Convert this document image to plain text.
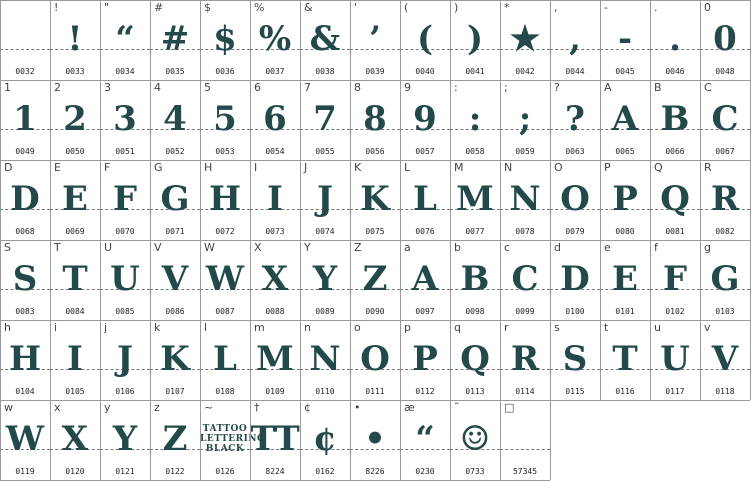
0032
!
!
0033
"
“
0034
#
#
0035
$
$
0036
%
%
0037
&
&
0038
'
’
0039
(
(
0040
)
)
0041
*
★
0042
,
,
0044
-
-
0045
.
.
0046
0
0
0048
1
1
0049
2
2
0050
3
3
0051
4
4
0052
5
5
0053
6
6
0054
7
7
0055
8
8
0056
9
9
0057
:
:
0058
;
;
0059
?
?
0063
A
A
0065
B
B
0066
C
C
0067
D
D
0068
E
E
0069
F
F
0070
G
G
0071
H
H
0072
I
I
0073
J
J
0074
K
K
0075
L
L
0076
M
M
0077
N
N
0078
O
O
0079
P
P
0080
Q
Q
0081
R
R
0082
S
S
0083
T
T
0084
U
U
0085
V
V
0086
W
W
0087
X
X
0088
Y
Y
0089
Z
Z
0090
a
A
0097
b
B
0098
c
C
0099
d
D
0100
e
E
0101
f
F
0102
g
G
0103
h
H
0104
i
I
0105
j
J
0106
k
K
0107
l
L
0108
m
M
0109
n
N
0110
o
O
0111
p
P
0112
q
Q
0113
r
R
0114
s
S
0115
t
T
0116
u
U
0117
v
V
0118
w
W
0119
x
X
0120
y
Y
0121
z
Z
0122
~
TATTOO LETTERING BLACK
0126
†
TT
8224
¢
¢
0162
•
•
8226
æ
“
0230
˜
☺
0733
□
57345
